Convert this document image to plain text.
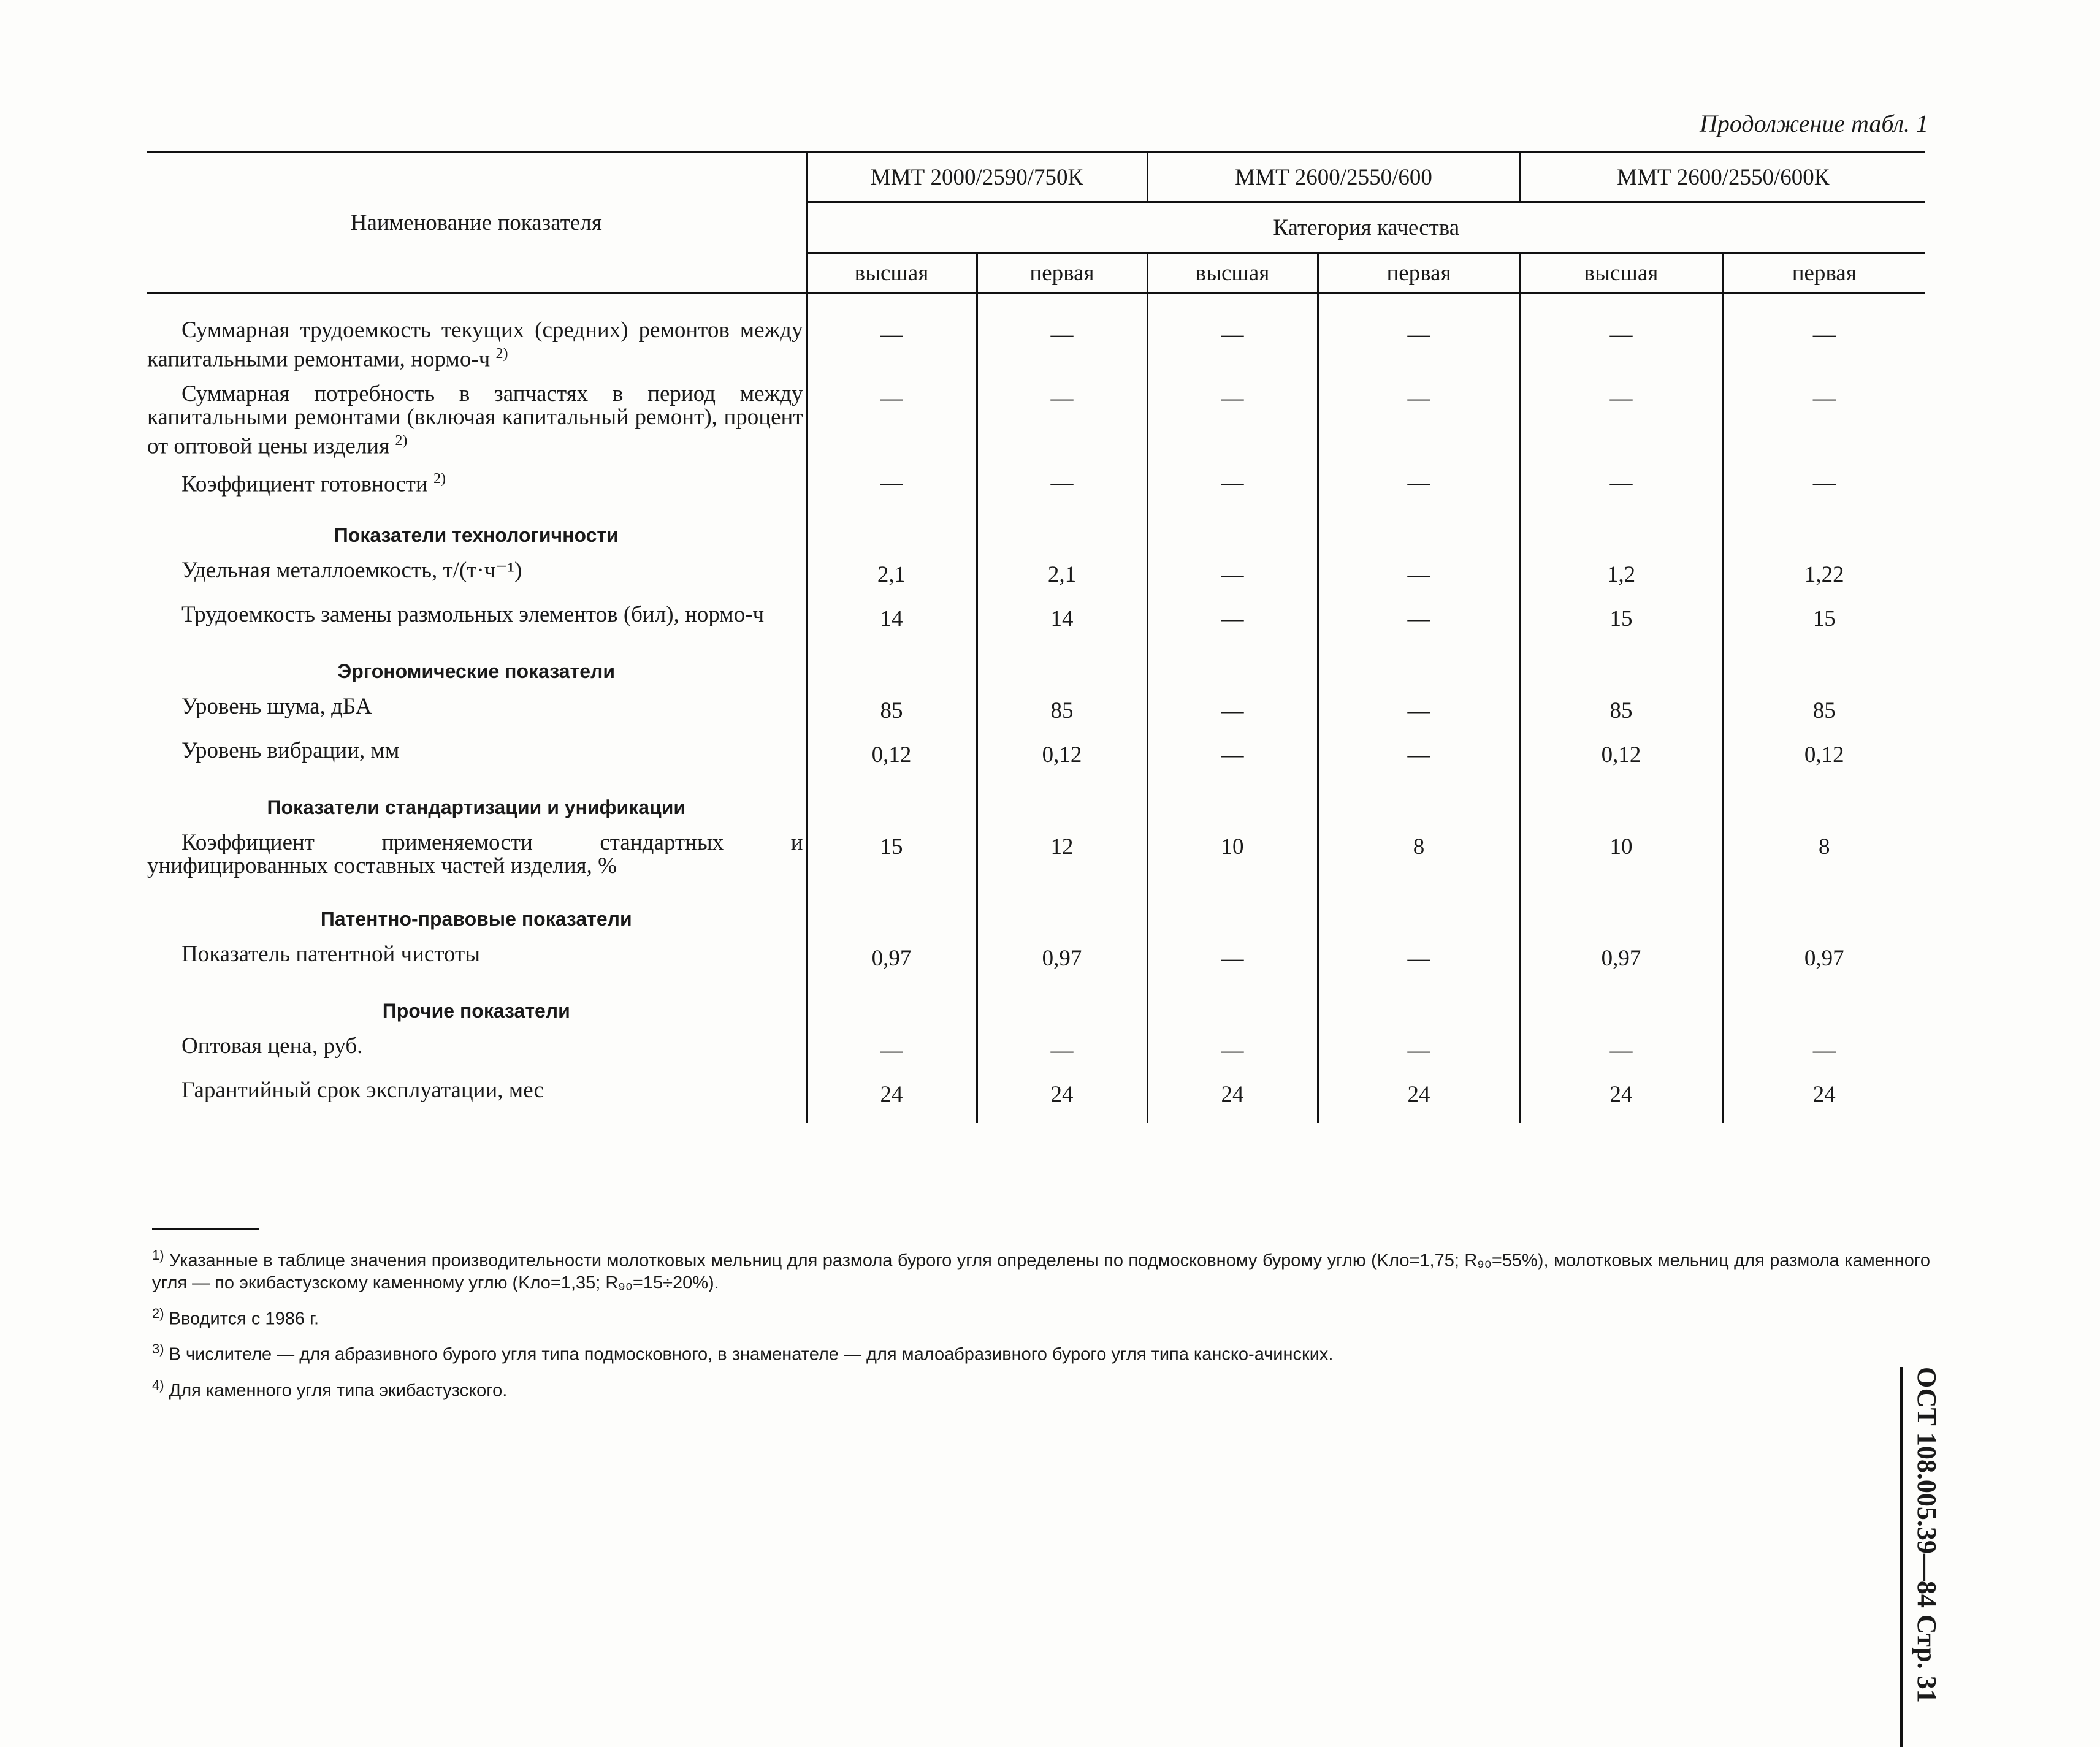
Продолжение табл. 1
Наименование показателя	ММТ 2000/2590/750К		ММТ 2600/2550/600		ММТ 2600/2550/600К	
	Категория качества					
	высшая	первая	высшая	первая	высшая	первая

Суммарная трудоемкость текущих (средних) ремонтов между капитальными ремонтами, нормо-ч $^{2)}$	—	—	—	—	—	—

Суммарная потребность в запчастях в период между капитальными ремонтами (включая капитальный ремонт), процент от оптовой цены изделия $^{2)}$	—	—	—	—	—	—

Коэффициент готовности $^{2)}$	—	—	—	—	—	—

Показатели технологичности						

Удельная металлоемкость, т/(т·ч⁻¹)	2,1	2,1	—	—	1,2	1,22

Трудоемкость замены размольных элементов (бил), нормо-ч	14	14	—	—	15	15

Эргономические показатели						

Уровень шума, дБА	85	85	—	—	85	85

Уровень вибрации, мм	0,12	0,12	—	—	0,12	0,12

Показатели стандартизации и унификации						

Коэффициент применяемости стандартных и унифицированных составных частей изделия, %	15	12	10	8	10	8

Патентно-правовые показатели						

Показатель патентной чистоты	0,97	0,97	—	—	0,97	0,97

Прочие показатели						

Оптовая цена, руб.	—	—	—	—	—	—

Гарантийный срок эксплуатации, мес	24	24	24	24	24	24
$^{1)}$ Указанные в таблице значения производительности молотковых мельниц для размола бурого угля определены по подмосковному бурому углю (Kло=1,75; R₉₀=55%), молотковых мельниц для размола каменного угля — по экибастузскому каменному углю (Kло=1,35; R₉₀=15÷20%).
$^{2)}$ Вводится с 1986 г.
$^{3)}$ В числителе — для абразивного бурого угля типа подмосковного, в знаменателе — для малоабразивного бурого угля типа канско-ачинских.
$^{4)}$ Для каменного угля типа экибастузского.	ОСТ 108.005.39—84 Стр. 31
